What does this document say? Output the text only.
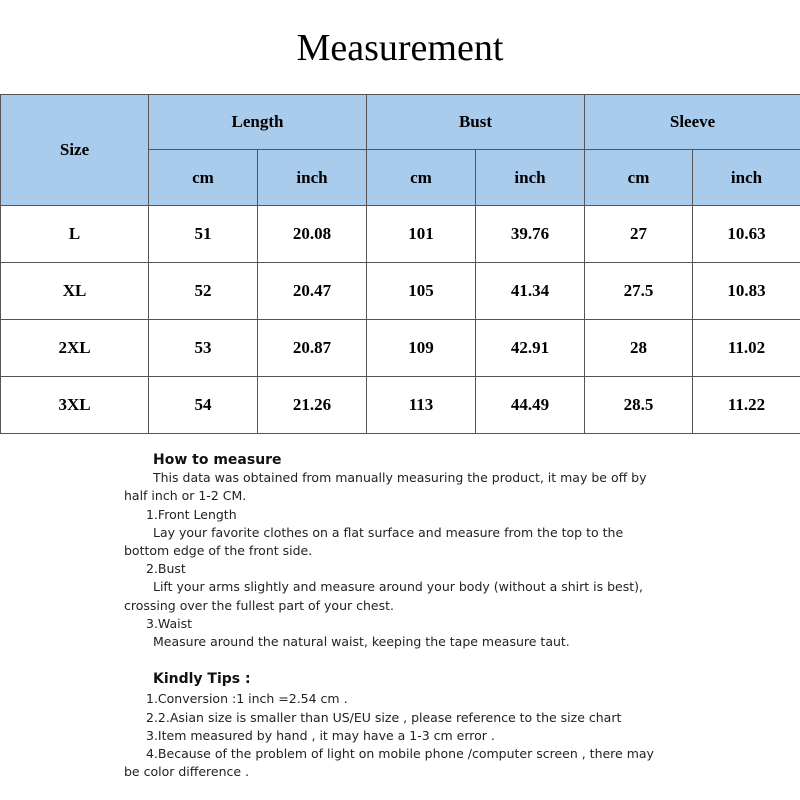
Measurement
Size	Length		Bust		Sleeve	
	cm	inch	cm	inch	cm	inch
L	51	20.08	101	39.76	27	10.63
XL	52	20.47	105	41.34	27.5	10.83
2XL	53	20.87	109	42.91	28	11.02
3XL	54	21.26	113	44.49	28.5	11.22
How to measure
This data was obtained from manually measuring the product, it may be off by
half inch or 1-2 CM.
1.Front Length
Lay your favorite clothes on a flat surface and measure from the top to the
bottom edge of the front side.
2.Bust
Lift your arms slightly and measure around your body (without a shirt is best),
crossing over the fullest part of your chest.
3.Waist
Measure around the natural waist, keeping the tape measure taut.
Kindly Tips :
1.Conversion :1 inch =2.54 cm .
2.2.Asian size is smaller than US/EU size , please reference to the size chart
3.Item measured by hand , it may have a 1-3 cm error .
4.Because of the problem of light on mobile phone /computer screen , there may
be color difference .
